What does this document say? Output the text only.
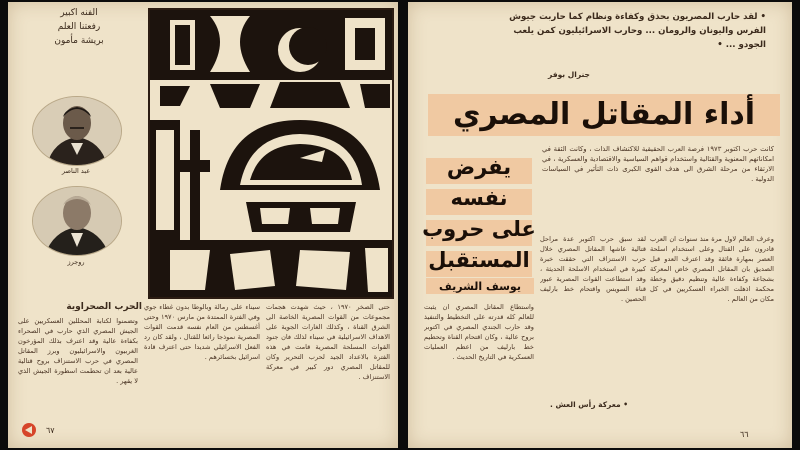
الفنه اكبير
رفعتنا العلم
بريشة مأمون
عبد الناصر
روجرز
الحرب الصحراوية	حتى الصخر ١٩٧٠ ، حيث شهدت هجمات مجموعات من القوات المصرية الخاصة الى الشرق القناة ، وكذلك الغارات الجوية على الاهداف الاسرائيلية في سيناء لذلك فان جنود القوات المسلحة المصرية قامت في هذه الفترة بالاعداد الجيد لحرب التحرير وكان للمقاتل المصري دور كبير في معركة الاستنزاف .
سيناء على رمالة وبالوطا بدون غطاء جوي وفي الفترة الممتدة من مارس ١٩٧٠ وحتى أغسطس من العام نفسه قدمت القوات المصرية نموذجا رائعا للقتال ، ولقد كان رد الفعل الاسرائيلي شديدا حتى اعترف قادة اسرائيل بخسائرهم .
وتضمنوا لكتابة المحللين العسكريين على الجيش المصري الذي حارب في الصحراء بكفاءة عالية وقد اعترف بذلك المؤرخون الغربيون والاسرائيليون وبرز المقاتل المصري في حرب الاستنزاف بروح قتالية عالية بعد ان تحطمت اسطورة الجيش الذي لا يقهر .
٦٧
• لقد حارب المصريون بحذق وكفاءة ونظام كما حاربت جيوش الفرس واليونان والرومان ... وحارب الاسرائيليون كمن يلعب الجودو ... •
جنرال بوفر
أداء المقاتل المصري
يفرض
نفسه
على حروب
المستقبل
يوسف الشريف
كانت حرب اكتوبر ١٩٧٣ فرصة العرب الحقيقية للاكتشاف الذات ، وكانت الثقة في امكاناتهم المعنوية والقتالية واستخدام قواهم السياسية والاقتصادية والعسكرية ، في الارتقاء من مرحلة الشرق الى هدف القوى الكبرى ذات التأثير في السياسات الدولية .
وعرف العالم لاول مرة منذ سنوات ان العرب قادرون على القتال وعلى استخدام اسلحة العصر بمهارة فائقة وقد اعترف العدو قبل الصديق بان المقاتل المصري خاض المعركة بشجاعة وكفاءة عالية وتنظيم دقيق وخطة محكمة اذهلت الخبراء العسكريين في كل مكان من العالم .
لقد سبق حرب اكتوبر عدة مراحل قتالية عاشها المقاتل المصري خلال حرب الاستنزاف التي حققت خبرة كبيرة في استخدام الاسلحة الحديثة ، وقد استطاعت القوات المصرية عبور قناة السويس واقتحام خط بارليف الحصين .
واستطاع المقاتل المصري ان يثبت للعالم كله قدرته على التخطيط والتنفيذ وقد حارب الجندي المصري في اكتوبر بروح عالية ، وكان اقتحام القناة وتحطيم خط بارليف من اعظم العمليات العسكرية في التاريخ الحديث .
• معركة رأس العش .
٦٦
